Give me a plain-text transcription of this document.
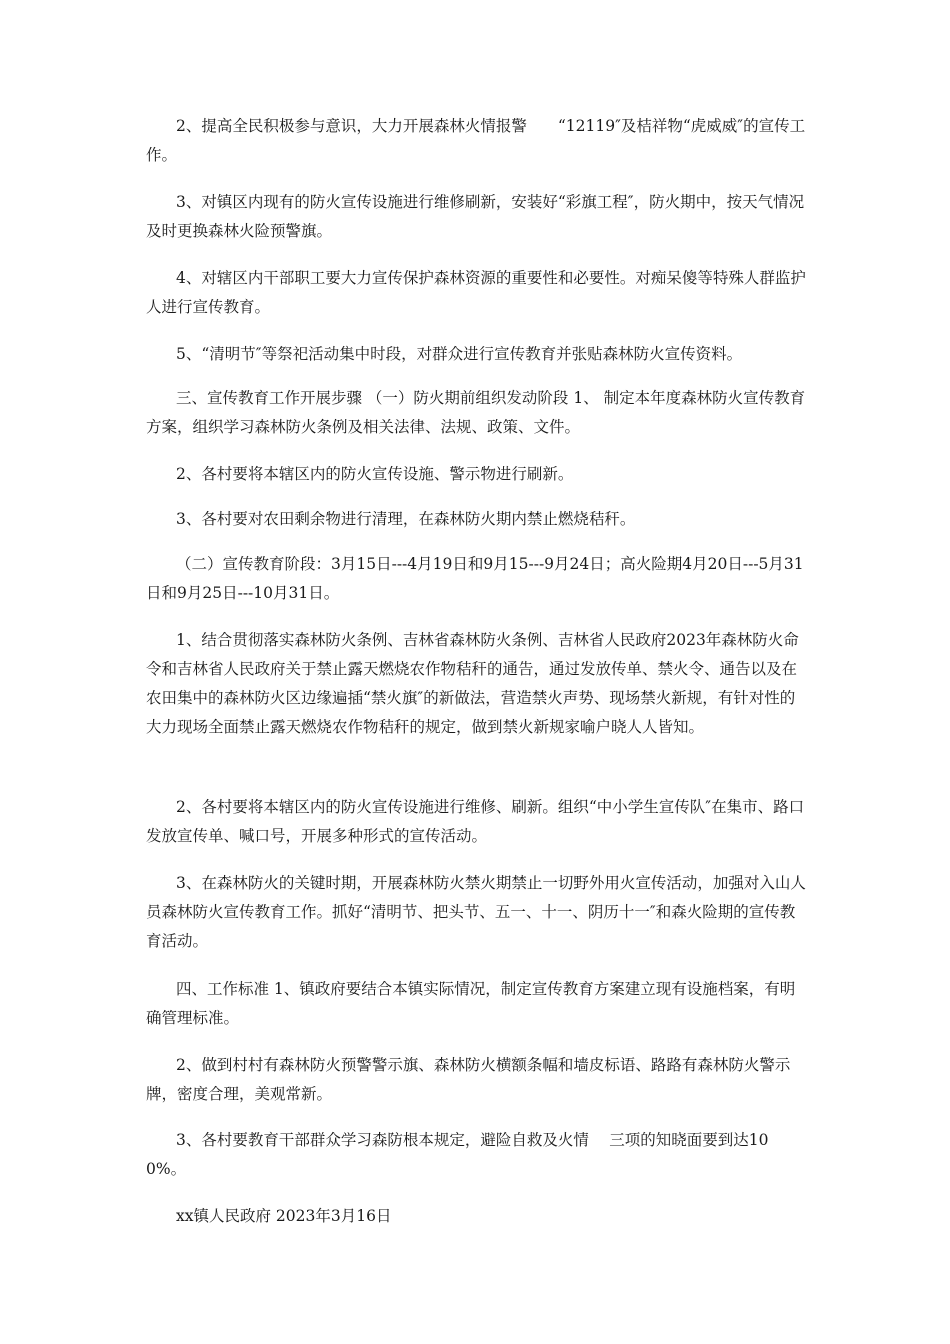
2、提高全民积极参与意识，大力开展森林火情报警　　“12119″及桔祥物“虎威威″的宣传工作。

3、对镇区内现有的防火宣传设施进行维修刷新，安装好“彩旗工程″，防火期中，按天气情况及时更换森林火险预警旗。

4、对辖区内干部职工要大力宣传保护森林资源的重要性和必要性。对痴呆傻等特殊人群监护人进行宣传教育。

5、“清明节″等祭祀活动集中时段，对群众进行宣传教育并张贴森林防火宣传资料。

三、宣传教育工作开展步骤 （一）防火期前组织发动阶段 1、 制定本年度森林防火宣传教育方案，组织学习森林防火条例及相关法律、法规、政策、文件。

2、各村要将本辖区内的防火宣传设施、警示物进行刷新。

3、各村要对农田剩余物进行清理，在森林防火期内禁止燃烧秸秆。

（二）宣传教育阶段：3月15日---4月19日和9月15---9月24日；高火险期4月20日---5月31日和9月25日---10月31日。

1、结合贯彻落实森林防火条例、吉林省森林防火条例、吉林省人民政府2023年森林防火命令和吉林省人民政府关于禁止露天燃烧农作物秸秆的通告，通过发放传单、禁火令、通告以及在农田集中的森林防火区边缘遍插“禁火旗″的新做法，营造禁火声势、现场禁火新规，有针对性的大力现场全面禁止露天燃烧农作物秸秆的规定，做到禁火新规家喻户晓人人皆知。

2、各村要将本辖区内的防火宣传设施进行维修、刷新。组织“中小学生宣传队″在集市、路口发放宣传单、喊口号，开展多种形式的宣传活动。

3、在森林防火的关键时期，开展森林防火禁火期禁止一切野外用火宣传活动，加强对入山人员森林防火宣传教育工作。抓好“清明节、把头节、五一、十一、阴历十一″和森火险期的宣传教育活动。

四、工作标准 1、镇政府要结合本镇实际情况，制定宣传教育方案建立现有设施档案，有明确管理标准。

2、做到村村有森林防火预警警示旗、森林防火横额条幅和墙皮标语、路路有森林防火警示牌，密度合理，美观常新。

3、各村要教育干部群众学习森防根本规定，避险自救及火情　 三项的知晓面要到达100%。

xx镇人民政府 2023年3月16日
